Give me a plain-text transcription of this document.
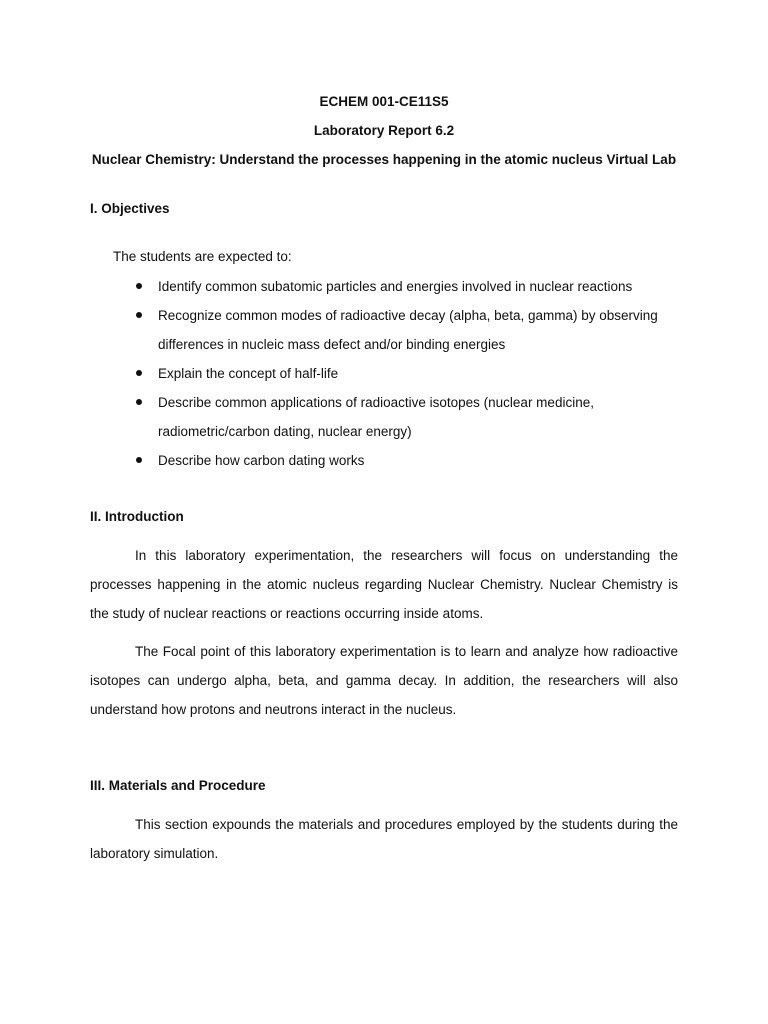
ECHEM 001-CE11S5
Laboratory Report 6.2
Nuclear Chemistry: Understand the processes happening in the atomic nucleus Virtual Lab
I. Objectives
The students are expected to:
Identify common subatomic particles and energies involved in nuclear reactions
Recognize common modes of radioactive decay (alpha, beta, gamma) by observing differences in nucleic mass defect and/or binding energies
Explain the concept of half-life
Describe common applications of radioactive isotopes (nuclear medicine, radiometric/carbon dating, nuclear energy)
Describe how carbon dating works
II. Introduction
In this laboratory experimentation, the researchers will focus on understanding the processes happening in the atomic nucleus regarding Nuclear Chemistry. Nuclear Chemistry is the study of nuclear reactions or reactions occurring inside atoms.
The Focal point of this laboratory experimentation is to learn and analyze how radioactive isotopes can undergo alpha, beta, and gamma decay. In addition, the researchers will also understand how protons and neutrons interact in the nucleus.
III. Materials and Procedure
This section expounds the materials and procedures employed by the students during the laboratory simulation.
